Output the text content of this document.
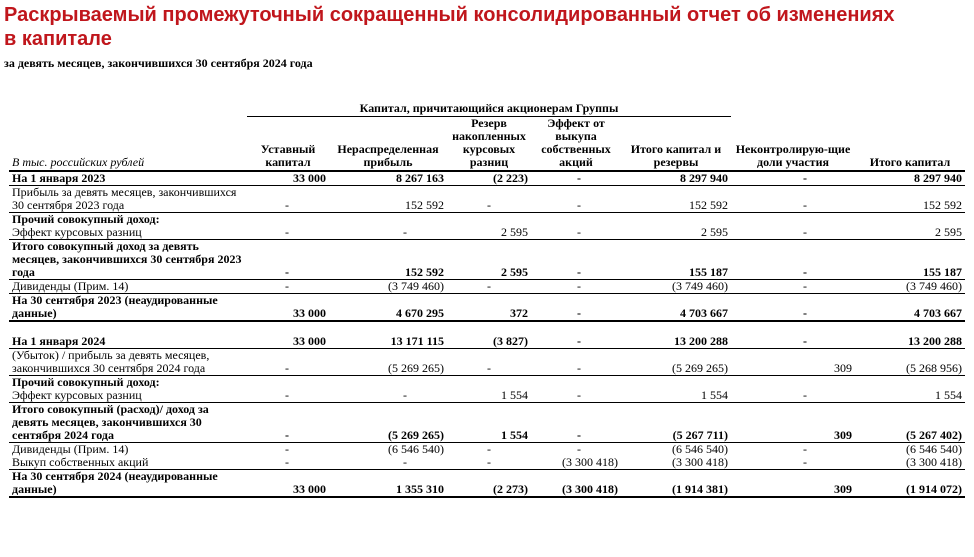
Раскрываемый промежуточный сокращенный консолидированный отчет об изменениях в капитале
за девять месяцев, закончившихся 30 сентября 2024 года
	Капитал, причитающийся акционерам Группы						
В тыс. российских рублей	Уставный капитал	Нераспределенная прибыль	Резерв накопленных курсовых разниц	Эффект от выкупа собственных акций	Итого капитал и резервы	Неконтролирую-щие доли участия	Итого капитал
На 1 января 2023	33 000	8 267 163	(2 223)	-	8 297 940	-	8 297 940
Прибыль за девять месяцев, закончившихся 30 сентября 2023 года	-	152 592	-	-	152 592	-	152 592
Прочий совокупный доход:							
Эффект курсовых разниц	-	-	2 595	-	2 595	-	2 595
Итого совокупный доход за девять месяцев, закончившихся 30 сентября 2023 года	-	152 592	2 595	-	155 187	-	155 187
Дивиденды (Прим. 14)	-	(3 749 460)	-	-	(3 749 460)	-	(3 749 460)
На 30 сентября 2023 (неаудированные данные)	33 000	4 670 295	372	-	4 703 667	-	4 703 667

На 1 января 2024	33 000	13 171 115	(3 827)	-	13 200 288	-	13 200 288
(Убыток) / прибыль за девять месяцев, закончившихся 30 сентября 2024 года	-	(5 269 265)	-	-	(5 269 265)	309	(5 268 956)
Прочий совокупный доход:							
Эффект курсовых разниц	-	-	1 554	-	1 554	-	1 554
Итого совокупный (расход)/ доход за девять месяцев, закончившихся 30 сентября 2024 года	-	(5 269 265)	1 554	-	(5 267 711)	309	(5 267 402)
Дивиденды (Прим. 14)	-	(6 546 540)	-	-	(6 546 540)	-	(6 546 540)
Выкуп собственных акций	-	-	-	(3 300 418)	(3 300 418)	-	(3 300 418)
На 30 сентября 2024 (неаудированные данные)	33 000	1 355 310	(2 273)	(3 300 418)	(1 914 381)	309	(1 914 072)
